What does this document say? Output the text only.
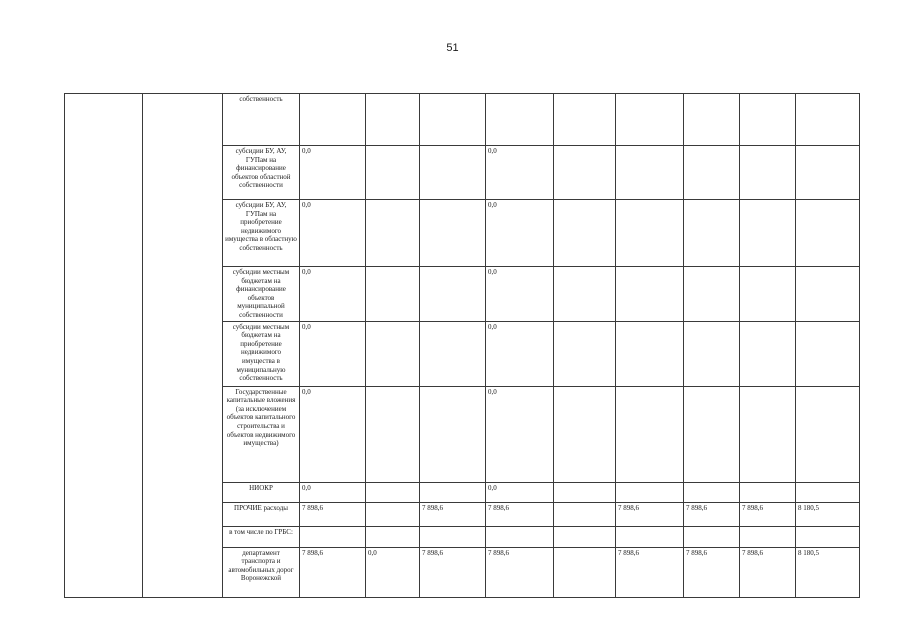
51
		собственность										
		субсидии БУ, АУ, ГУПам на финансирование объектов областной собственности	0,0			0,0						
		субсидии БУ, АУ, ГУПам на приобретение недвижимого имущества в областную собственность	0,0			0,0						
		субсидии местным бюджетам на финансирование объектов муниципальной собственности	0,0			0,0						
		субсидии местным бюджетам на приобретение недвижимого имущества в муниципальную собственность	0,0			0,0						
		Государственные капитальные вложения (за исключением объектов капитального строительства и объектов недвижимого имущества)	0,0			0,0						
		НИОКР	0,0			0,0						
		ПРОЧИЕ расходы	7 898,6		7 898,6	7 898,6		7 898,6	7 898,6	7 898,6	8 180,5	
		в том числе по ГРБС:										
		департамент транспорта и автомобильных дорог Воронежской	7 898,6	0,0	7 898,6	7 898,6		7 898,6	7 898,6	7 898,6	8 180,5	
